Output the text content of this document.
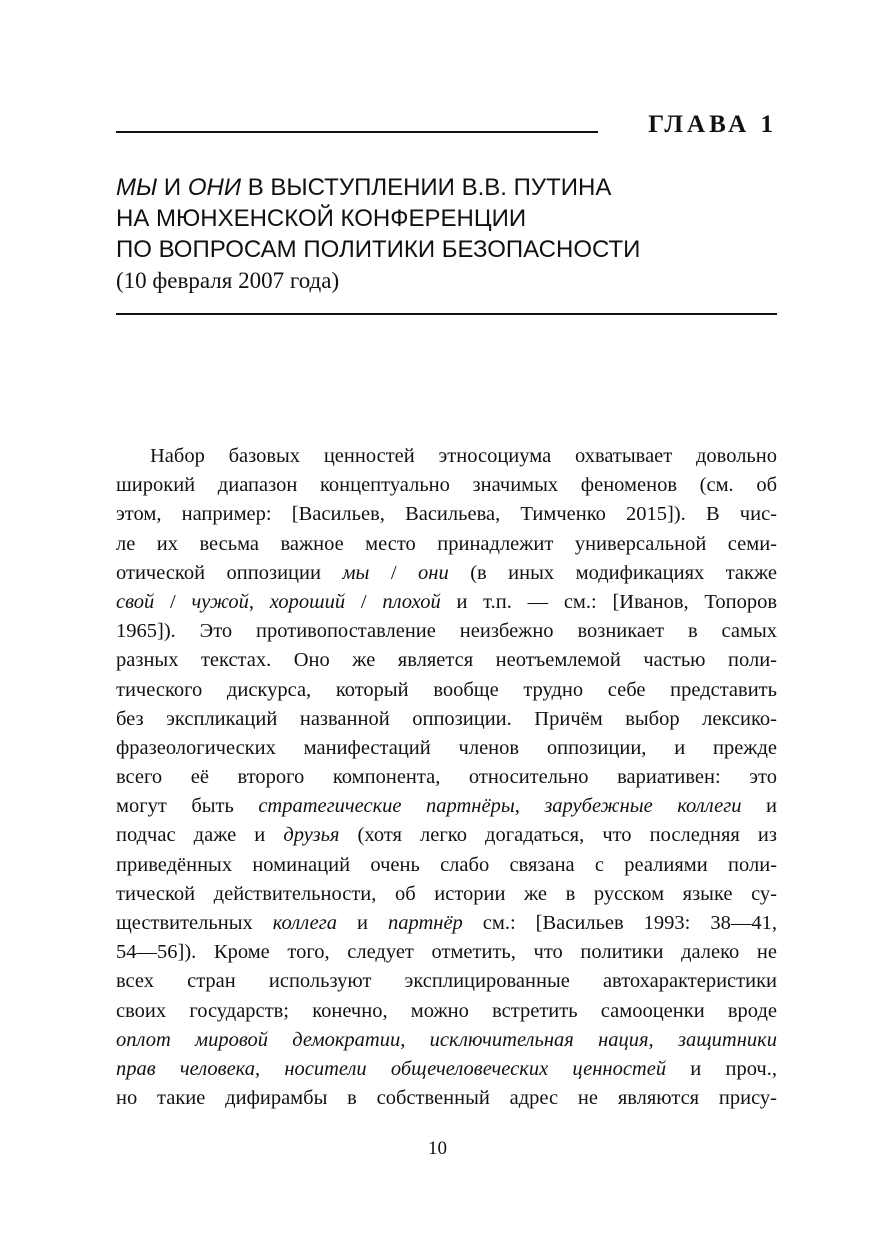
ГЛАВА 1
МЫ И ОНИ В ВЫСТУПЛЕНИИ В.В. ПУТИНА
НА МЮНХЕНСКОЙ КОНФЕРЕНЦИИ
ПО ВОПРОСАМ ПОЛИТИКИ БЕЗОПАСНОСТИ
(10 февраля 2007 года)
Набор базовых ценностей этносоциума охватывает довольно
широкий диапазон концептуально значимых феноменов (см. об
этом, например: [Васильев, Васильева, Тимченко 2015]). В чис-
ле их весьма важное место принадлежит универсальной семи-
отической оппозиции мы / они (в иных модификациях также
свой / чужой, хороший / плохой и т.п. — см.: [Иванов, Топоров
1965]). Это противопоставление неизбежно возникает в самых
разных текстах. Оно же является неотъемлемой частью поли-
тического дискурса, который вообще трудно себе представить
без экспликаций названной оппозиции. Причём выбор лексико-
фразеологических манифестаций членов оппозиции, и прежде
всего её второго компонента, относительно вариативен: это
могут быть стратегические партнёры, зарубежные коллеги и
подчас даже и друзья (хотя легко догадаться, что последняя из
приведённых номинаций очень слабо связана с реалиями поли-
тической действительности, об истории же в русском языке су-
ществительных коллега и партнёр см.: [Васильев 1993: 38—41,
54—56]). Кроме того, следует отметить, что политики далеко не
всех стран используют эксплицированные автохарактеристики
своих государств; конечно, можно встретить самооценки вроде
оплот мировой демократии, исключительная нация, защитники
прав человека, носители общечеловеческих ценностей и проч.,
но такие дифирамбы в собственный адрес не являются прису-
10
